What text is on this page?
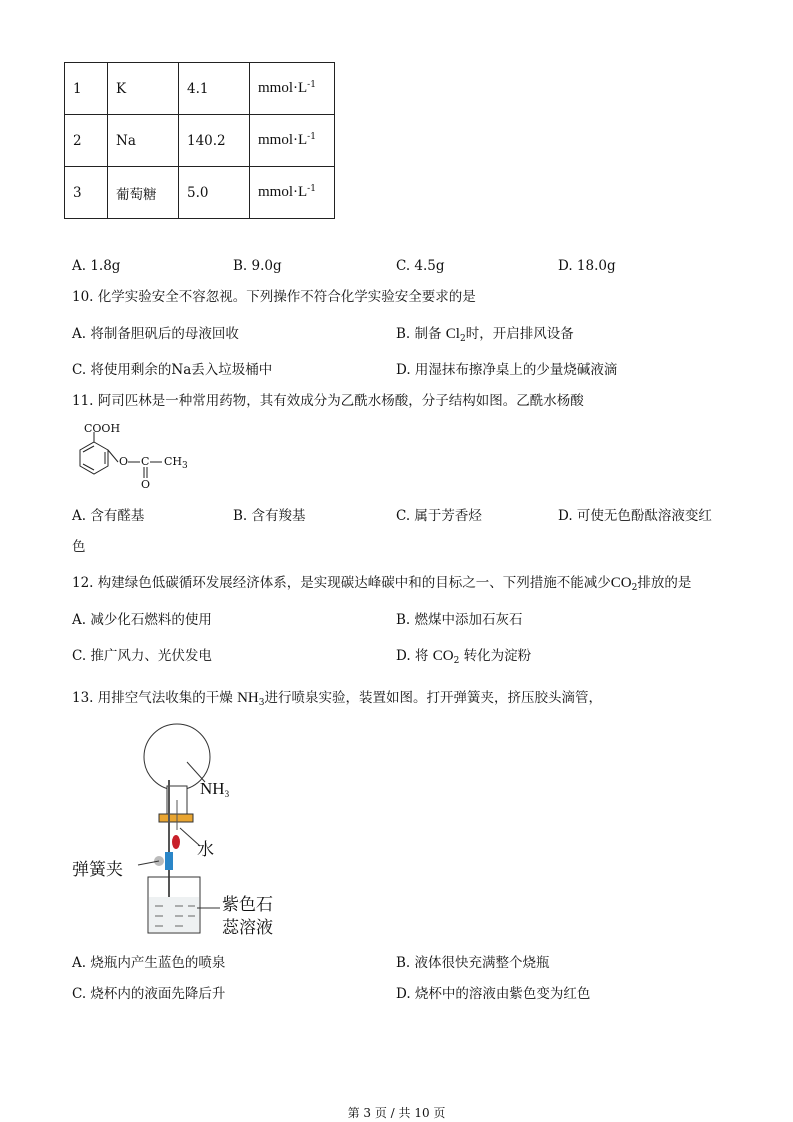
1	K	4.1	$mmol\cdot L^{-1}$
2	Na	140.2	$mmol\cdot L^{-1}$
3	葡萄糖	5.0	$mmol\cdot L^{-1}$
A. 1.8g	B. 9.0g	C. 4.5g	D. 18.0g
10. 化学实验安全不容忽视。下列操作不符合化学实验安全要求的是
A. 将制备胆矾后的母液回收	B. 制备 $Cl_2$时，开启排风设备
C. 将使用剩余的Na丢入垃圾桶中	D. 用湿抹布擦净桌上的少量烧碱液滴
11. 阿司匹林是一种常用药物，其有效成分为乙酰水杨酸，分子结构如图。乙酰水杨酸
COOH
O C $CH_3$
O
A. 含有醛基	B. 含有羧基	C. 属于芳香烃	D. 可使无色酚酞溶液变红
色
12. 构建绿色低碳循环发展经济体系，是实现碳达峰碳中和的目标之一、下列措施不能减少$CO_2$排放的是
A. 减少化石燃料的使用	B. 燃煤中添加石灰石
C. 推广风力、光伏发电	D. 将 $CO_2$ 转化为淀粉
13. 用排空气法收集的干燥 $NH_3$进行喷泉实验，装置如图。打开弹簧夹，挤压胶头滴管，
$NH_3$
水
弹簧夹
紫色石
蕊溶液
A. 烧瓶内产生蓝色的喷泉	B. 液体很快充满整个烧瓶
C. 烧杯内的液面先降后升	D. 烧杯中的溶液由紫色变为红色
第 3 页 / 共 10 页
